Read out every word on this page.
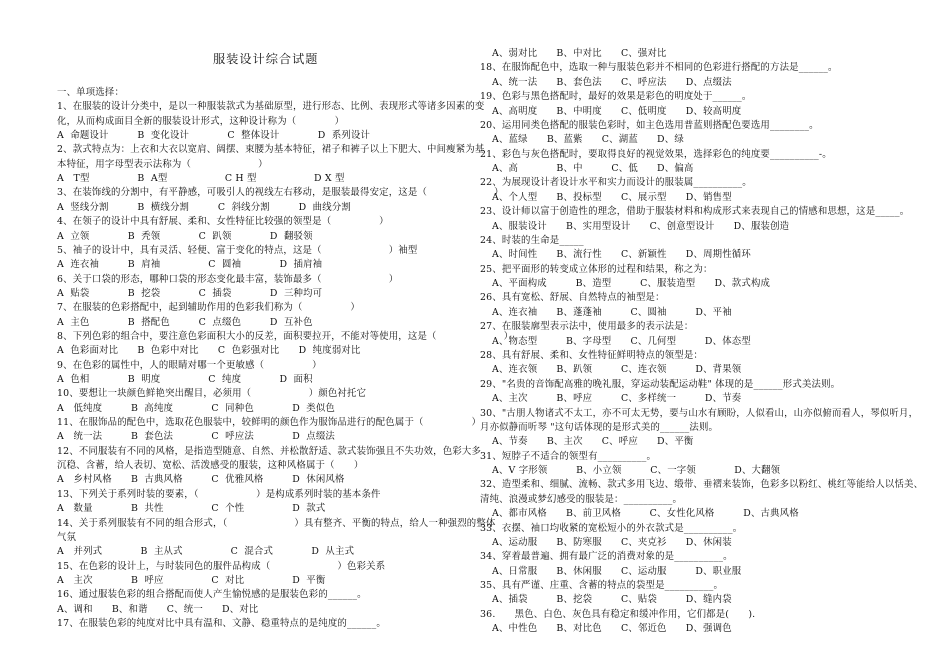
服装设计综合试题
一、单项选择：
1、在服装的设计分类中，是以一种服装款式为基础原型，进行形态、比例、表现形式等诸多因素的变
化，从而构成面目全新的服装设计形式，这种设计称为（　　　　）
A  命题设计　　　B  变化设计　　　　C  整体设计　　　　D  系列设计
2、款式特点为：上衣和大衣以宽肩、阔摆、束腰为基本特征，裙子和裤子以上下肥大、中间瘦紧为基
本特征，用字母型表示法称为（　　　　　　　）
A   T型　　　　　B  A型　　　　　　C H 型　　　　　　D X 型
3、在装饰线的分割中，有平静感，可吸引人的视线左右移动，是服装最得安定，这是（　　　　　　　）
A  竖线分割　　　B  横线分割　　　C  斜线分割　　　D  曲线分割
4、在领子的设计中具有舒展、柔和、女性特征比较强的领型是（　　　　　）
A  立领　　　　B  秃领　　　　C  趴领　　　　D  翻驳领
5、袖子的设计中，具有灵活、轻便、富于变化的特点，这是（　　　　　　　）袖型
A  连衣袖　　　B  肩袖　　　　　C  圆袖　　　　D  插肩袖
6、关于口袋的形态，哪种口袋的形态变化最丰富，装饰最多（　　　　　　　）
A  贴袋　　　　B  挖袋　　　　C  插袋　　　　D  三种均可
7、在服装的色彩搭配中，起到辅助作用的色彩我们称为（　　　　　）
A  主色　　　　B  搭配色　　　C  点缀色　　　D  互补色
8、下列色彩的组合中，要注意色彩面积大小的反差，面积要拉开，不能对等使用，这是（　　　　　　　）
A  色彩面对比　　B  色彩中对比　　C  色彩强对比　　D  纯度弱对比
9、在色彩的属性中，人的眼睛对哪一个更敏感（　　　　　）
A  色相　　　　B  明度　　　　　C  纯度　　　　D  面积
10、要想让一块颜色鲜艳突出醒目，必须用（　　　　　　）颜色衬托它
A   低纯度　　　B  高纯度　　　　C  同种色　　　　D  类似色
11、在服饰品的配色中，选取花色服装中，较鲜明的颜色作为服饰品进行的配色属于（　　　　　）
A   统一法　　　B  套色法　　　　C  呼应法　　　　D  点缀法
12、不同服装有不同的风格，是指造型随意、自然、并松散舒适、款式装饰强且不失功效，色彩大多
沉稳、含蓄，给人表切、宽松、活泼感受的服装，这种风格属于（　　）
A   乡村风格　　B  古典风格　　　C  优雅风格　　　D  休闲风格
13、下列关于系列时装的要素，（　　　　　　）是构成系列时装的基本条件
A   数量　　　　B  共性　　　　　C  个性　　　　　D  款式
14、关于系列服装有不同的组合形式，（　　　　　　　）具有整齐、平衡的特点，给人一种强烈的整体
气氛
A   并列式　　　　B  主从式　　　　　C  混合式　　　　D  从主式
15、在色彩的设计上，与时装同色的服件品构成（　　　　　　　）色彩关系
A   主次　　　　B  呼应　　　　　C  对比　　　　　D  平衡
16、通过服装色彩的组合搭配而使人产生愉悦感的是服装色彩的______。
A、调和　　B、和谐　　C、统一　　D、对比
17、在服装色彩的纯度对比中具有温和、文静、稳重特点的是纯度的______。
A、弱对比　　B、中对比　　C、强对比
18、在服饰配色中，选取一种与服装色彩并不相同的色彩进行搭配的方法是______。
A、统一法　　B、套色法　　C、呼应法　　D、点缀法
19、色彩与黑色搭配时，最好的效果是彩色的明度处于______。
A、高明度　　B、中明度　　C、低明度　　D、较高明度
20、运用同类色搭配的服装色彩时，如主色选用普蓝则搭配色要选用________。
A、蓝绿　　B、蓝紫　　C、湖蓝　　D、绿
21、彩色与灰色搭配时，要取得良好的视觉效果，选择彩色的纯度要__________-。
A、高　　　　B、中　　　C、低　　D、偏高
22、为展现设计者设计水平和实力而设计的服装属__________。
A、个人型　　B、投标型　　C、展示型　　D、销售型
23、设计师以富于创造性的理念，借助于服装材料和构成形式来表现自己的情感和思想，这是_____。
A、服装设计　　B、实用型设计　　C、创意型设计　　D、服装创造
24、时装的生命是_____
A、时间性　　B、流行性　　C、新颖性　　D、周期性循环
25、把平面形的转变成立体形的过程和结果，称之为：
A、平面构成　　　B、造型　　　C、服装造型　　D、款式构成
26、具有宽松、舒展、自然特点的袖型是：
A、连衣袖　　B、蓬蓬袖　　　C、圆袖　　　D、平袖
27、在服装廓型表示法中，使用最多的表示法是：
A、物态型　　　B、字母型　　C、几何型　　　D、体态型
28、具有舒展、柔和、女性特征鲜明特点的领型是：
A、连衣领　　B、趴领　　　C、连衣领　　　D、背果领
29、"名贵的音饰配高雅的晚礼服，穿运动装配运动鞋" 体现的是______形式美法则。
A、主次　　　B、呼应　　　C、多样统一　　　D、节奏
30、"古朋人物诸式不太工，亦不可太无势，要与山水有顾盼，人似看山，山亦似俯而看人，琴似听月，
月亦似静而听琴 "这句话体现的是形式美的______法则。
A、节奏　　B、主次　　C、呼应　　D、平衡
31、短脖子不适合的领型有__________。
A、V 字形领　　　B、小立领　　　C、一字领　　　　D、大翻领
32、造型柔和、细腻、流畅、款式多用飞边、缎带、垂褶来装饰，色彩多以粉红、桃红等能给人以恬美、
清纯、浪漫或梦幻感受的服装是：__________。
A、都市风格　　B、前卫风格　　　C、女性化风格　　　D、古典风格
33、衣摆、袖口均收紧的宽松短小的外衣款式是__________。
A、运动服　　B、防寒服　　C、夹克衫　　D、休闲装
34、穿着最普遍、拥有最广泛的消费对象的是__________。
A、日常服　　B、休闲服　　C、运动服　　　D、职业服
35、具有严谨、庄重、含蓄的特点的袋型是__________。
A、插袋　　　B、挖袋　　　C、贴袋　　　D、缝内袋
36.　　黑色、白色、灰色具有稳定和缓冲作用，它们都是(　　).
A、中性色　　B、对比色　　C、邻近色　　D、强调色
